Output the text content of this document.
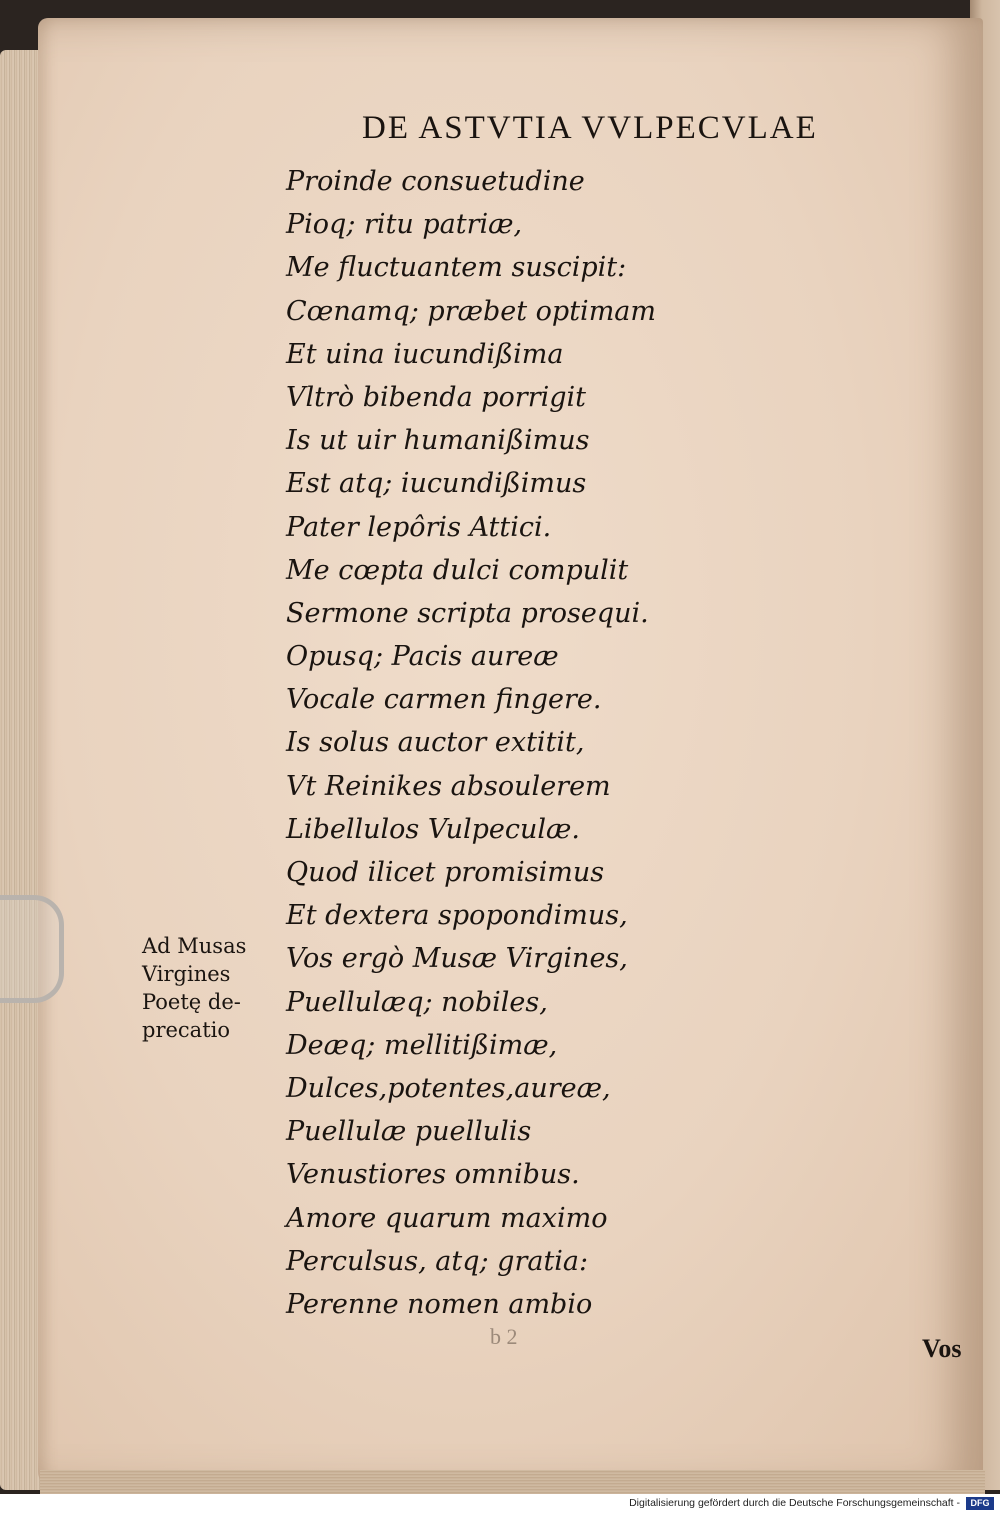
DE ASTVTIA VVLPECVLAE
Proinde consuetudine
Pioq; ritu patriæ,
Me fluctuantem suscipit:
Cœnamq; præbet optimam
Et uina iucundißima
Vltrò bibenda porrigit
Is ut uir humanißimus
Est atq; iucundißimus
Pater lepôris Attici.
Me cœpta dulci compulit
Sermone scripta prosequi.
Opusq; Pacis aureæ
Vocale carmen fingere.
Is solus auctor extitit,
Vt Reinikes absoulerem
Libellulos Vulpeculæ.
Quod ilicet promisimus
Et dextera spopondimus,
Vos ergò Musæ Virgines,
Puellulæq; nobiles,
Deæq; mellitißimæ,
Dulces,potentes,aureæ,
Puellulæ puellulis
Venustiores omnibus.
Amore quarum maximo
Perculsus, atq; gratia:
Perenne nomen ambio
Ad Musas
Virgines
Poetę de-
precatio
b 2	Vos
Digitalisierung gefördert durch die Deutsche Forschungsgemeinschaft -	DFG
